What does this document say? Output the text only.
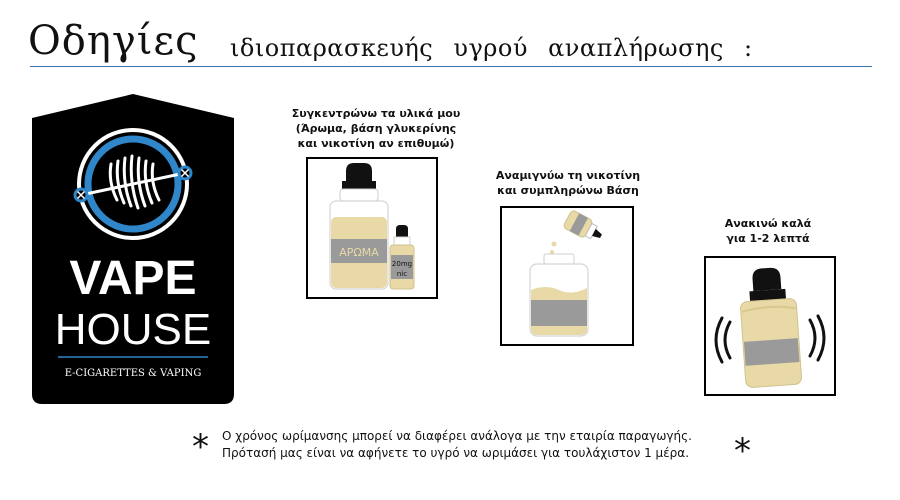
Οδηγίες ιδιοπαρασκευής υγρού αναπλήρωσης :
VAPE
HOUSE
E-CIGARETTES & VAPING
Συγκεντρώνω τα υλικά μου
(Άρωμα, βάση γλυκερίνης
και νικοτίνη αν επιθυμώ)
ΑΡΩΜΑ
20mg
nic
Αναμιγνύω τη νικοτίνη
και συμπληρώνω Βάση
Ανακινώ καλά
για 1-2 λεπτά
* Ο χρόνος ωρίμανσης μπορεί να διαφέρει ανάλογα με την εταιρία παραγωγής.
Πρότασή μας είναι να αφήνετε το υγρό να ωριμάσει για τουλάχιστον 1 μέρα.	*
